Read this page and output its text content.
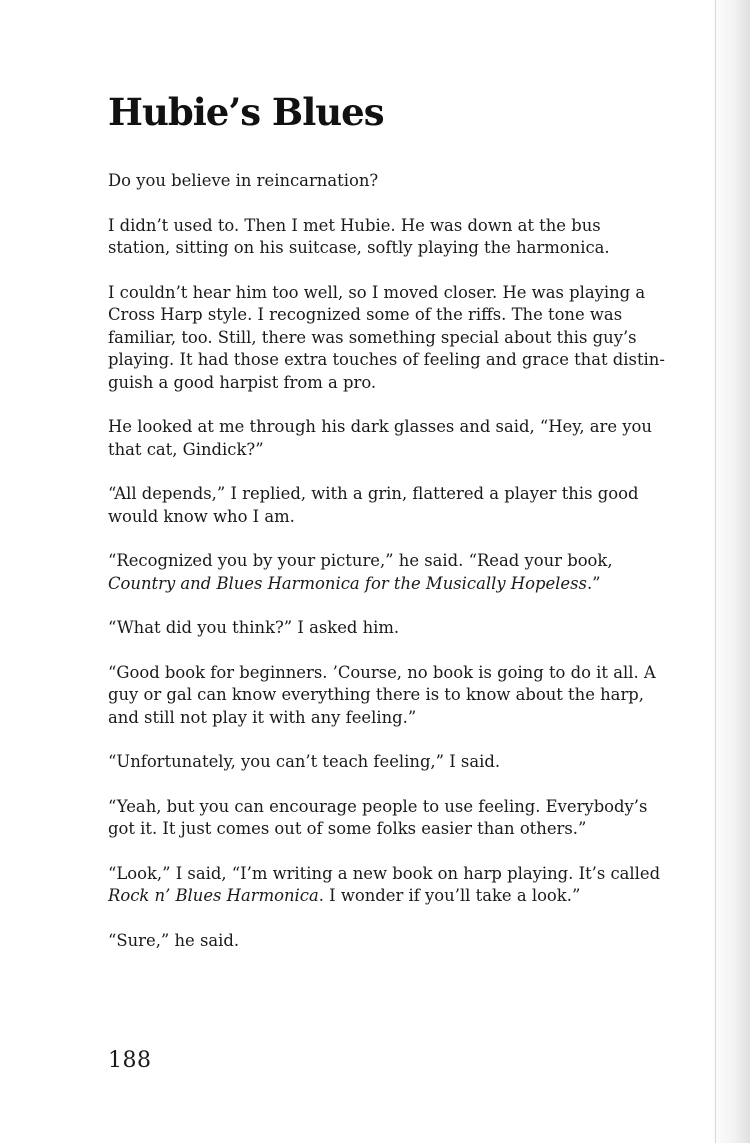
Hubie’s Blues

Do you believe in reincarnation?

I didn’t used to. Then I met Hubie. He was down at the bus station, sitting on his suitcase, softly playing the harmonica.

I couldn’t hear him too well, so I moved closer. He was playing a Cross Harp style. I recognized some of the riffs. The tone was familiar, too. Still, there was something special about this guy’s playing. It had those extra touches of feeling and grace that distinguish a good harpist from a pro.

He looked at me through his dark glasses and said, “Hey, are you that cat, Gindick?”

“All depends,” I replied, with a grin, flattered a player this good would know who I am.

“Recognized you by your picture,” he said. “Read your book, Country and Blues Harmonica for the Musically Hopeless.”

“What did you think?” I asked him.

“Good book for beginners. ’Course, no book is going to do it all. A guy or gal can know everything there is to know about the harp, and still not play it with any feeling.”

“Unfortunately, you can’t teach feeling,” I said.

“Yeah, but you can encourage people to use feeling. Everybody’s got it. It just comes out of some folks easier than others.”

“Look,” I said, “I’m writing a new book on harp playing. It’s called Rock n’ Blues Harmonica. I wonder if you’ll take a look.”

“Sure,” he said.

188
